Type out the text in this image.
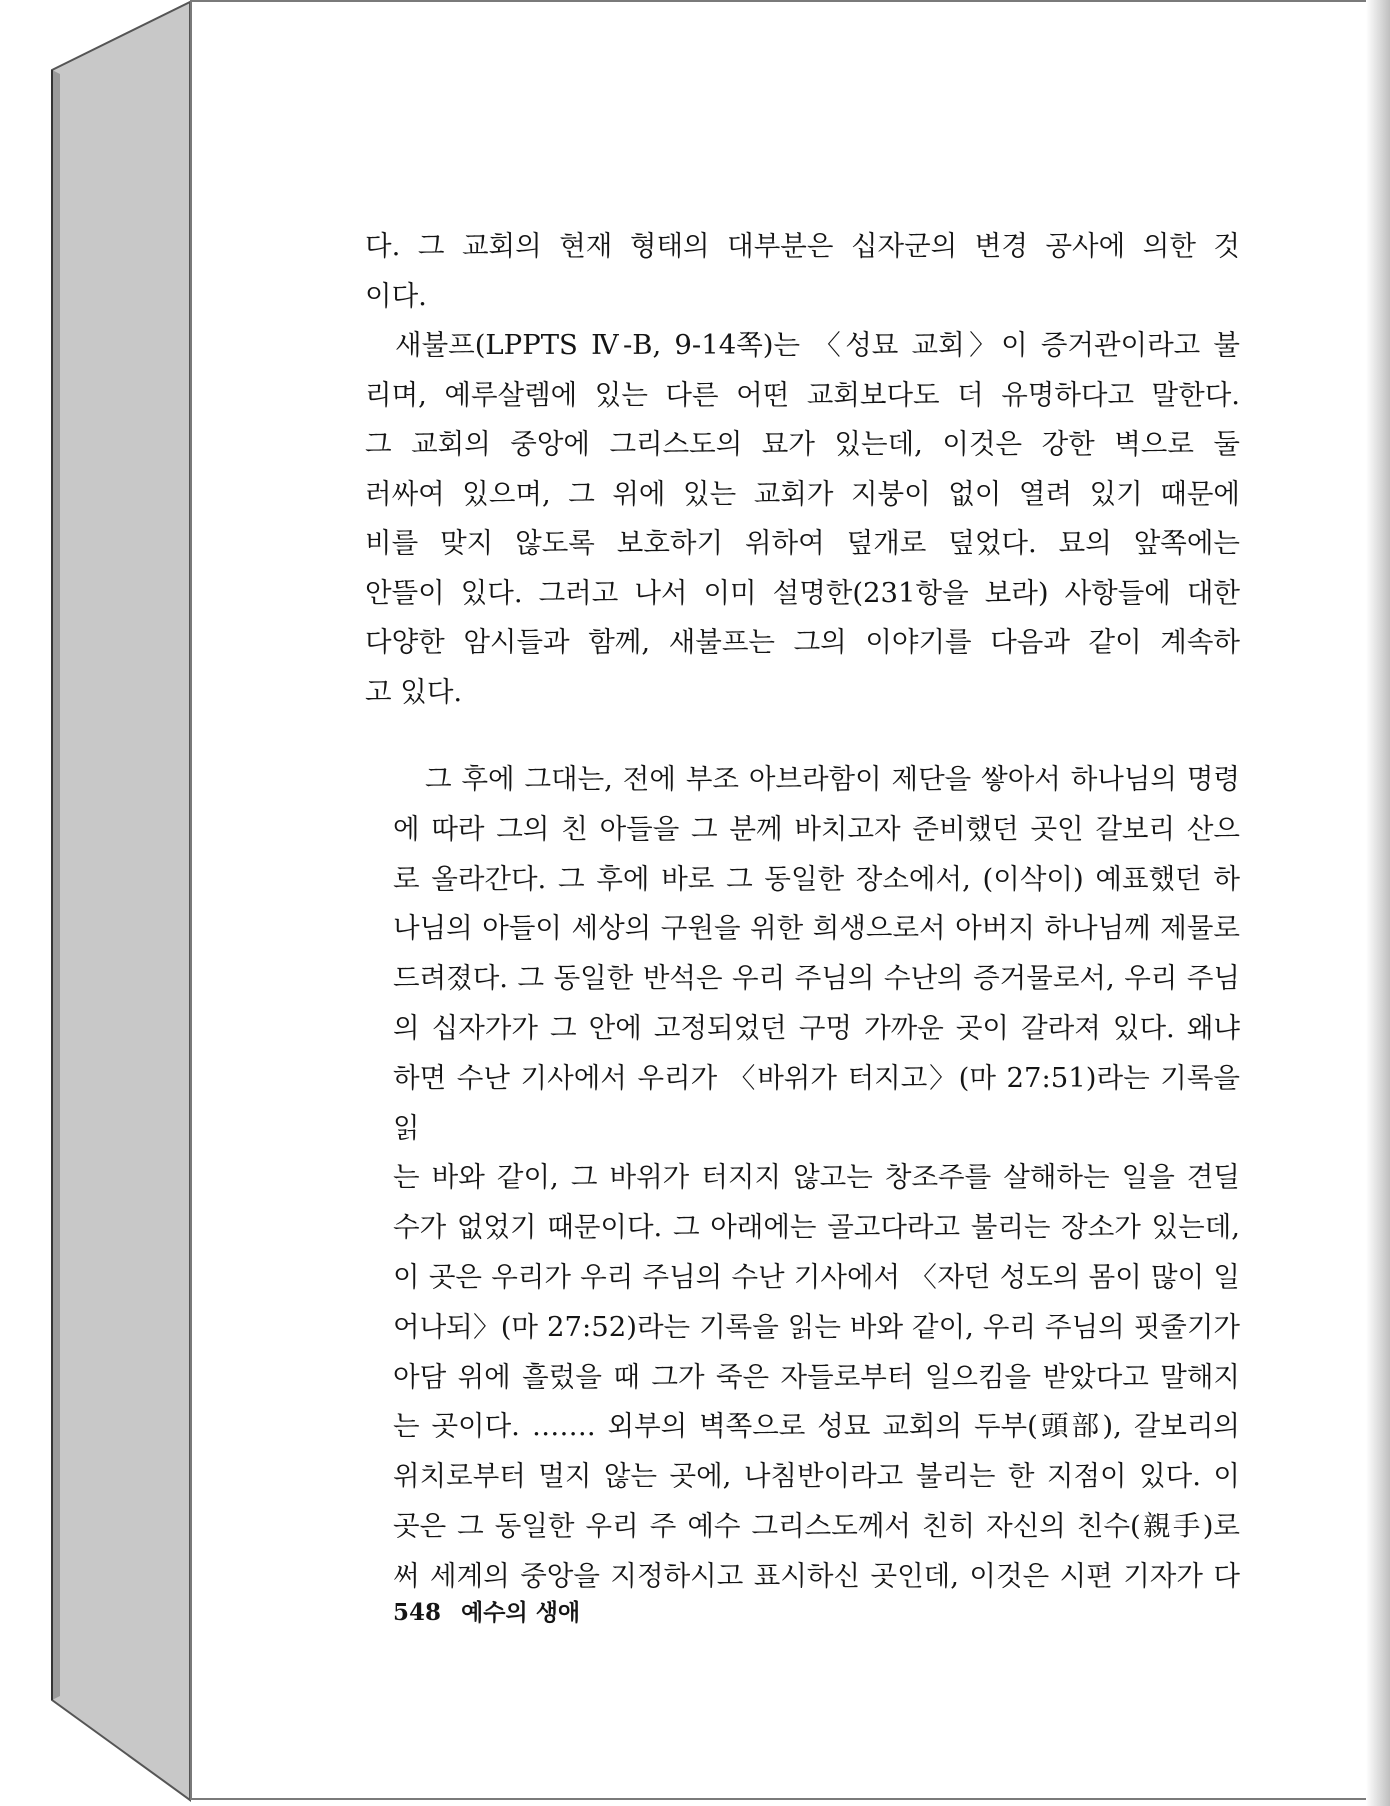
다. 그 교회의 현재 형태의 대부분은 십자군의 변경 공사에 의한 것

이다.

새불프(LPPTS Ⅳ-B, 9-14쪽)는 〈성묘 교회〉이 증거관이라고 불

리며, 예루살렘에 있는 다른 어떤 교회보다도 더 유명하다고 말한다.

그 교회의 중앙에 그리스도의 묘가 있는데, 이것은 강한 벽으로 둘

러싸여 있으며, 그 위에 있는 교회가 지붕이 없이 열려 있기 때문에

비를 맞지 않도록 보호하기 위하여 덮개로 덮었다. 묘의 앞쪽에는

안뜰이 있다. 그러고 나서 이미 설명한(231항을 보라) 사항들에 대한

다양한 암시들과 함께, 새불프는 그의 이야기를 다음과 같이 계속하

고 있다.

그 후에 그대는, 전에 부조 아브라함이 제단을 쌓아서 하나님의 명령

에 따라 그의 친 아들을 그 분께 바치고자 준비했던 곳인 갈보리 산으

로 올라간다. 그 후에 바로 그 동일한 장소에서, (이삭이) 예표했던 하

나님의 아들이 세상의 구원을 위한 희생으로서 아버지 하나님께 제물로

드려졌다. 그 동일한 반석은 우리 주님의 수난의 증거물로서, 우리 주님

의 십자가가 그 안에 고정되었던 구멍 가까운 곳이 갈라져 있다. 왜냐

하면 수난 기사에서 우리가 〈바위가 터지고〉(마 27:51)라는 기록을 읽

는 바와 같이, 그 바위가 터지지 않고는 창조주를 살해하는 일을 견딜

수가 없었기 때문이다. 그 아래에는 골고다라고 불리는 장소가 있는데,

이 곳은 우리가 우리 주님의 수난 기사에서 〈자던 성도의 몸이 많이 일

어나되〉(마 27:52)라는 기록을 읽는 바와 같이, 우리 주님의 핏줄기가

아담 위에 흘렀을 때 그가 죽은 자들로부터 일으킴을 받았다고 말해지

는 곳이다. ……. 외부의 벽쪽으로 성묘 교회의 두부(頭部), 갈보리의

위치로부터 멀지 않는 곳에, 나침반이라고 불리는 한 지점이 있다. 이

곳은 그 동일한 우리 주 예수 그리스도께서 친히 자신의 친수(親手)로

써 세계의 중앙을 지정하시고 표시하신 곳인데, 이것은 시편 기자가 다

548 예수의 생애
